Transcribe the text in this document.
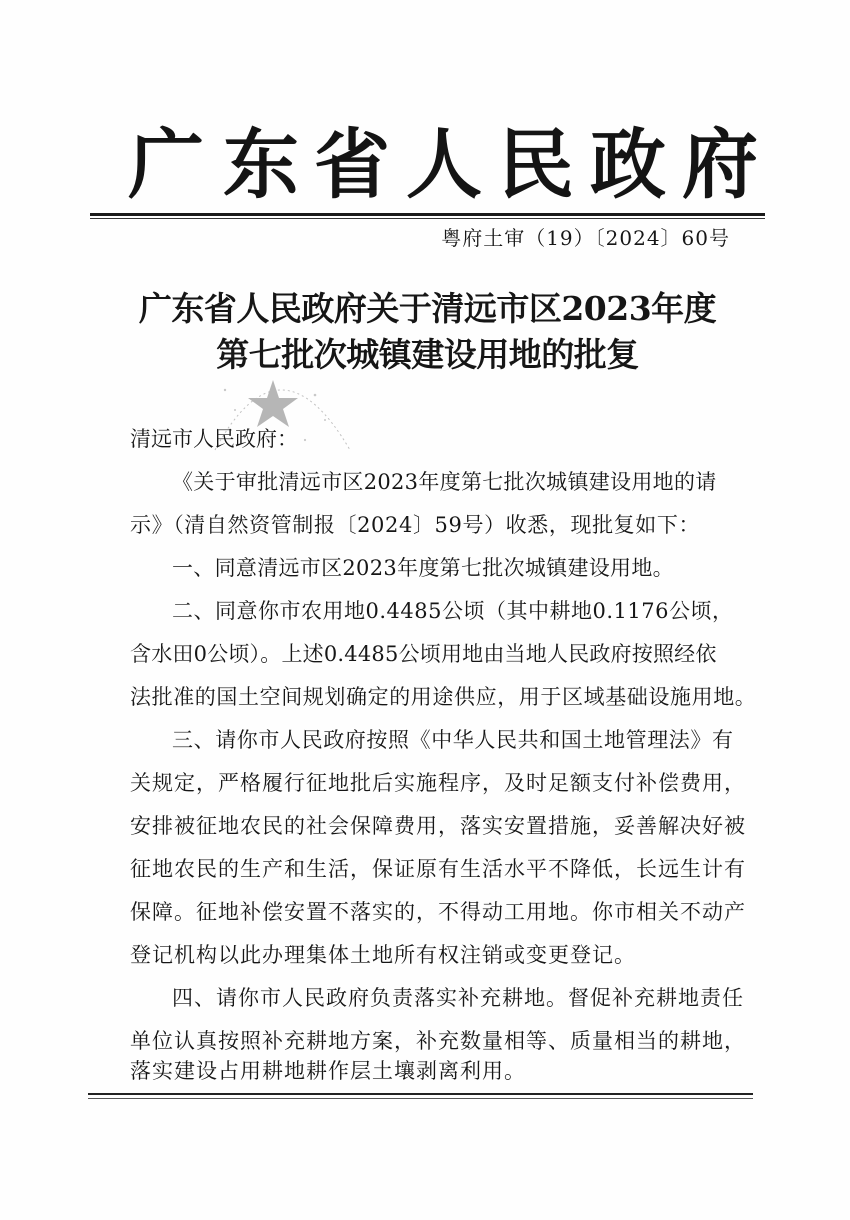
广 东 省 人 民 政 府
粤府土审（19）〔2024〕60号
广东省人民政府关于清远市区2023年度
第七批次城镇建设用地的批复
清远市人民政府：
《关于审批清远市区2023年度第七批次城镇建设用地的请
示》（清自然资管制报〔2024〕59号）收悉，现批复如下：
一、同意清远市区2023年度第七批次城镇建设用地。
二、同意你市农用地0.4485公顷（其中耕地0.1176公顷，
含水田0公顷）。上述0.4485公顷用地由当地人民政府按照经依
法批准的国土空间规划确定的用途供应，用于区域基础设施用地。
三、请你市人民政府按照《中华人民共和国土地管理法》有
关规定，严格履行征地批后实施程序，及时足额支付补偿费用，
安排被征地农民的社会保障费用，落实安置措施，妥善解决好被
征地农民的生产和生活，保证原有生活水平不降低，长远生计有
保障。征地补偿安置不落实的，不得动工用地。你市相关不动产
登记机构以此办理集体土地所有权注销或变更登记。
四、请你市人民政府负责落实补充耕地。督促补充耕地责任
单位认真按照补充耕地方案，补充数量相等、质量相当的耕地，
落实建设占用耕地耕作层土壤剥离利用。
